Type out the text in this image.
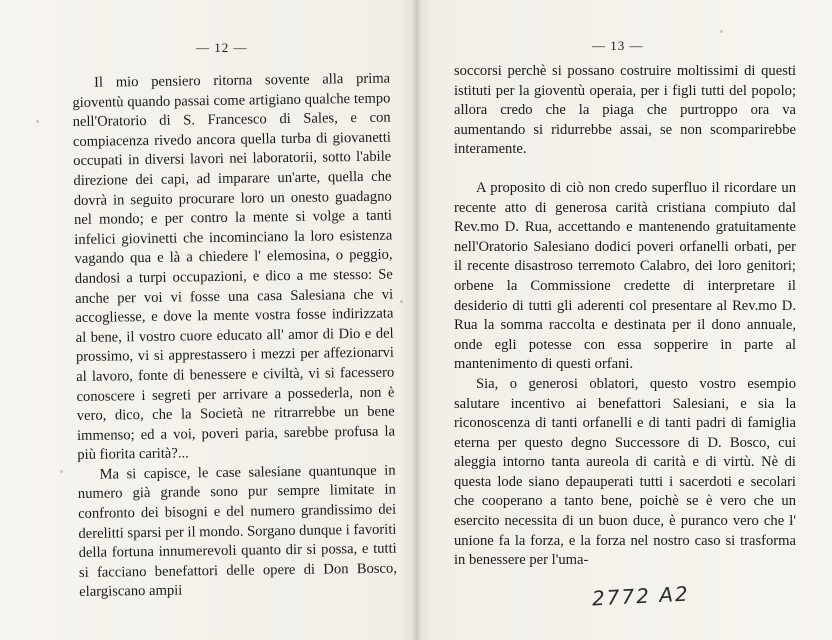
— 12 —

Il mio pensiero ritorna sovente alla prima gioventù quando passai come artigiano qualche tempo nell'Oratorio di S. Francesco di Sales, e con compiacenza rivedo ancora quella turba di giovanetti occupati in diversi lavori nei laboratorii, sotto l'abile direzione dei capi, ad imparare un'arte, quella che dovrà in seguito procurare loro un onesto guadagno nel mondo; e per contro la mente si volge a tanti infelici giovinetti che incominciano la loro esistenza vagando qua e là a chiedere l' elemosina, o peggio, dandosi a turpi occupazioni, e dico a me stesso: Se anche per voi vi fosse una casa Salesiana che vi accogliesse, e dove la mente vostra fosse indirizzata al bene, il vostro cuore educato all' amor di Dio e del prossimo, vi si apprestassero i mezzi per affezionarvi al lavoro, fonte di benessere e civiltà, vi si facessero conoscere i segreti per arrivare a possederla, non è vero, dico, che la Società ne ritrarrebbe un bene immenso; ed a voi, poveri paria, sarebbe profusa la più fiorita carità?...

Ma si capisce, le case salesiane quantunque in numero già grande sono pur sempre limitate in confronto dei bisogni e del numero grandissimo dei derelitti sparsi per il mondo. Sorgano dunque i favoriti della fortuna innumerevoli quanto dir si possa, e tutti si facciano benefattori delle opere di Don Bosco, elargiscano ampii

— 13 —

soccorsi perchè si possano costruire moltissimi di questi istituti per la gioventù operaia, per i figli tutti del popolo; allora credo che la piaga che purtroppo ora va aumentando si ridurrebbe assai, se non scomparirebbe interamente.

A proposito di ciò non credo superfluo il ricordare un recente atto di generosa carità cristiana compiuto dal Rev.mo D. Rua, accettando e mantenendo gratuitamente nell'Oratorio Salesiano dodici poveri orfanelli orbati, per il recente disastroso terremoto Calabro, dei loro genitori; orbene la Commissione credette di interpretare il desiderio di tutti gli aderenti col presentare al Rev.mo D. Rua la somma raccolta e destinata per il dono annuale, onde egli potesse con essa sopperire in parte al mantenimento di questi orfani.

Sia, o generosi oblatori, questo vostro esempio salutare incentivo ai benefattori Salesiani, e sia la riconoscenza di tanti orfanelli e di tanti padri di famiglia eterna per questo degno Successore di D. Bosco, cui aleggia intorno tanta aureola di carità e di virtù. Nè di questa lode siano depauperati tutti i sacerdoti e secolari che cooperano a tanto bene, poichè se è vero che un esercito necessita di un buon duce, è puranco vero che l' unione fa la forza, e la forza nel nostro caso si trasforma in benessere per l'uma-

2772 A2
